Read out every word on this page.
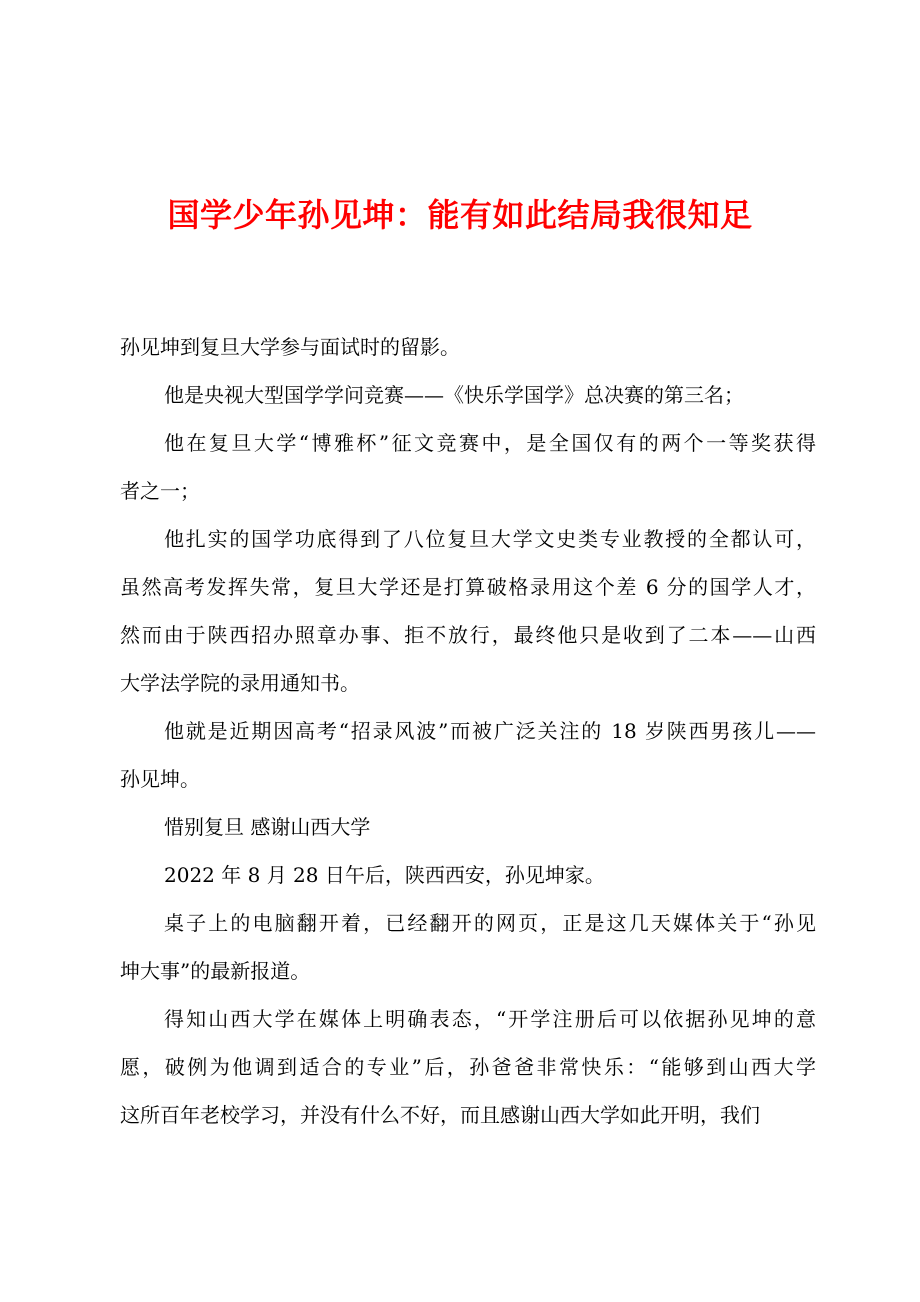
国学少年孙见坤：能有如此结局我很知足
孙见坤到复旦大学参与面试时的留影。
他是央视大型国学学问竞赛——《快乐学国学》总决赛的第三名；
他在复旦大学“博雅杯”征文竞赛中，是全国仅有的两个一等奖获得
者之一；
他扎实的国学功底得到了八位复旦大学文史类专业教授的全都认可，
虽然高考发挥失常，复旦大学还是打算破格录用这个差 6 分的国学人才，
然而由于陕西招办照章办事、拒不放行，最终他只是收到了二本——山西
大学法学院的录用通知书。
他就是近期因高考“招录风波”而被广泛关注的 18 岁陕西男孩儿——
孙见坤。
惜别复旦 感谢山西大学
2022 年 8 月 28 日午后，陕西西安，孙见坤家。
桌子上的电脑翻开着，已经翻开的网页，正是这几天媒体关于“孙见
坤大事”的最新报道。
得知山西大学在媒体上明确表态，“开学注册后可以依据孙见坤的意
愿，破例为他调到适合的专业”后，孙爸爸非常快乐：“能够到山西大学
这所百年老校学习，并没有什么不好，而且感谢山西大学如此开明，我们
